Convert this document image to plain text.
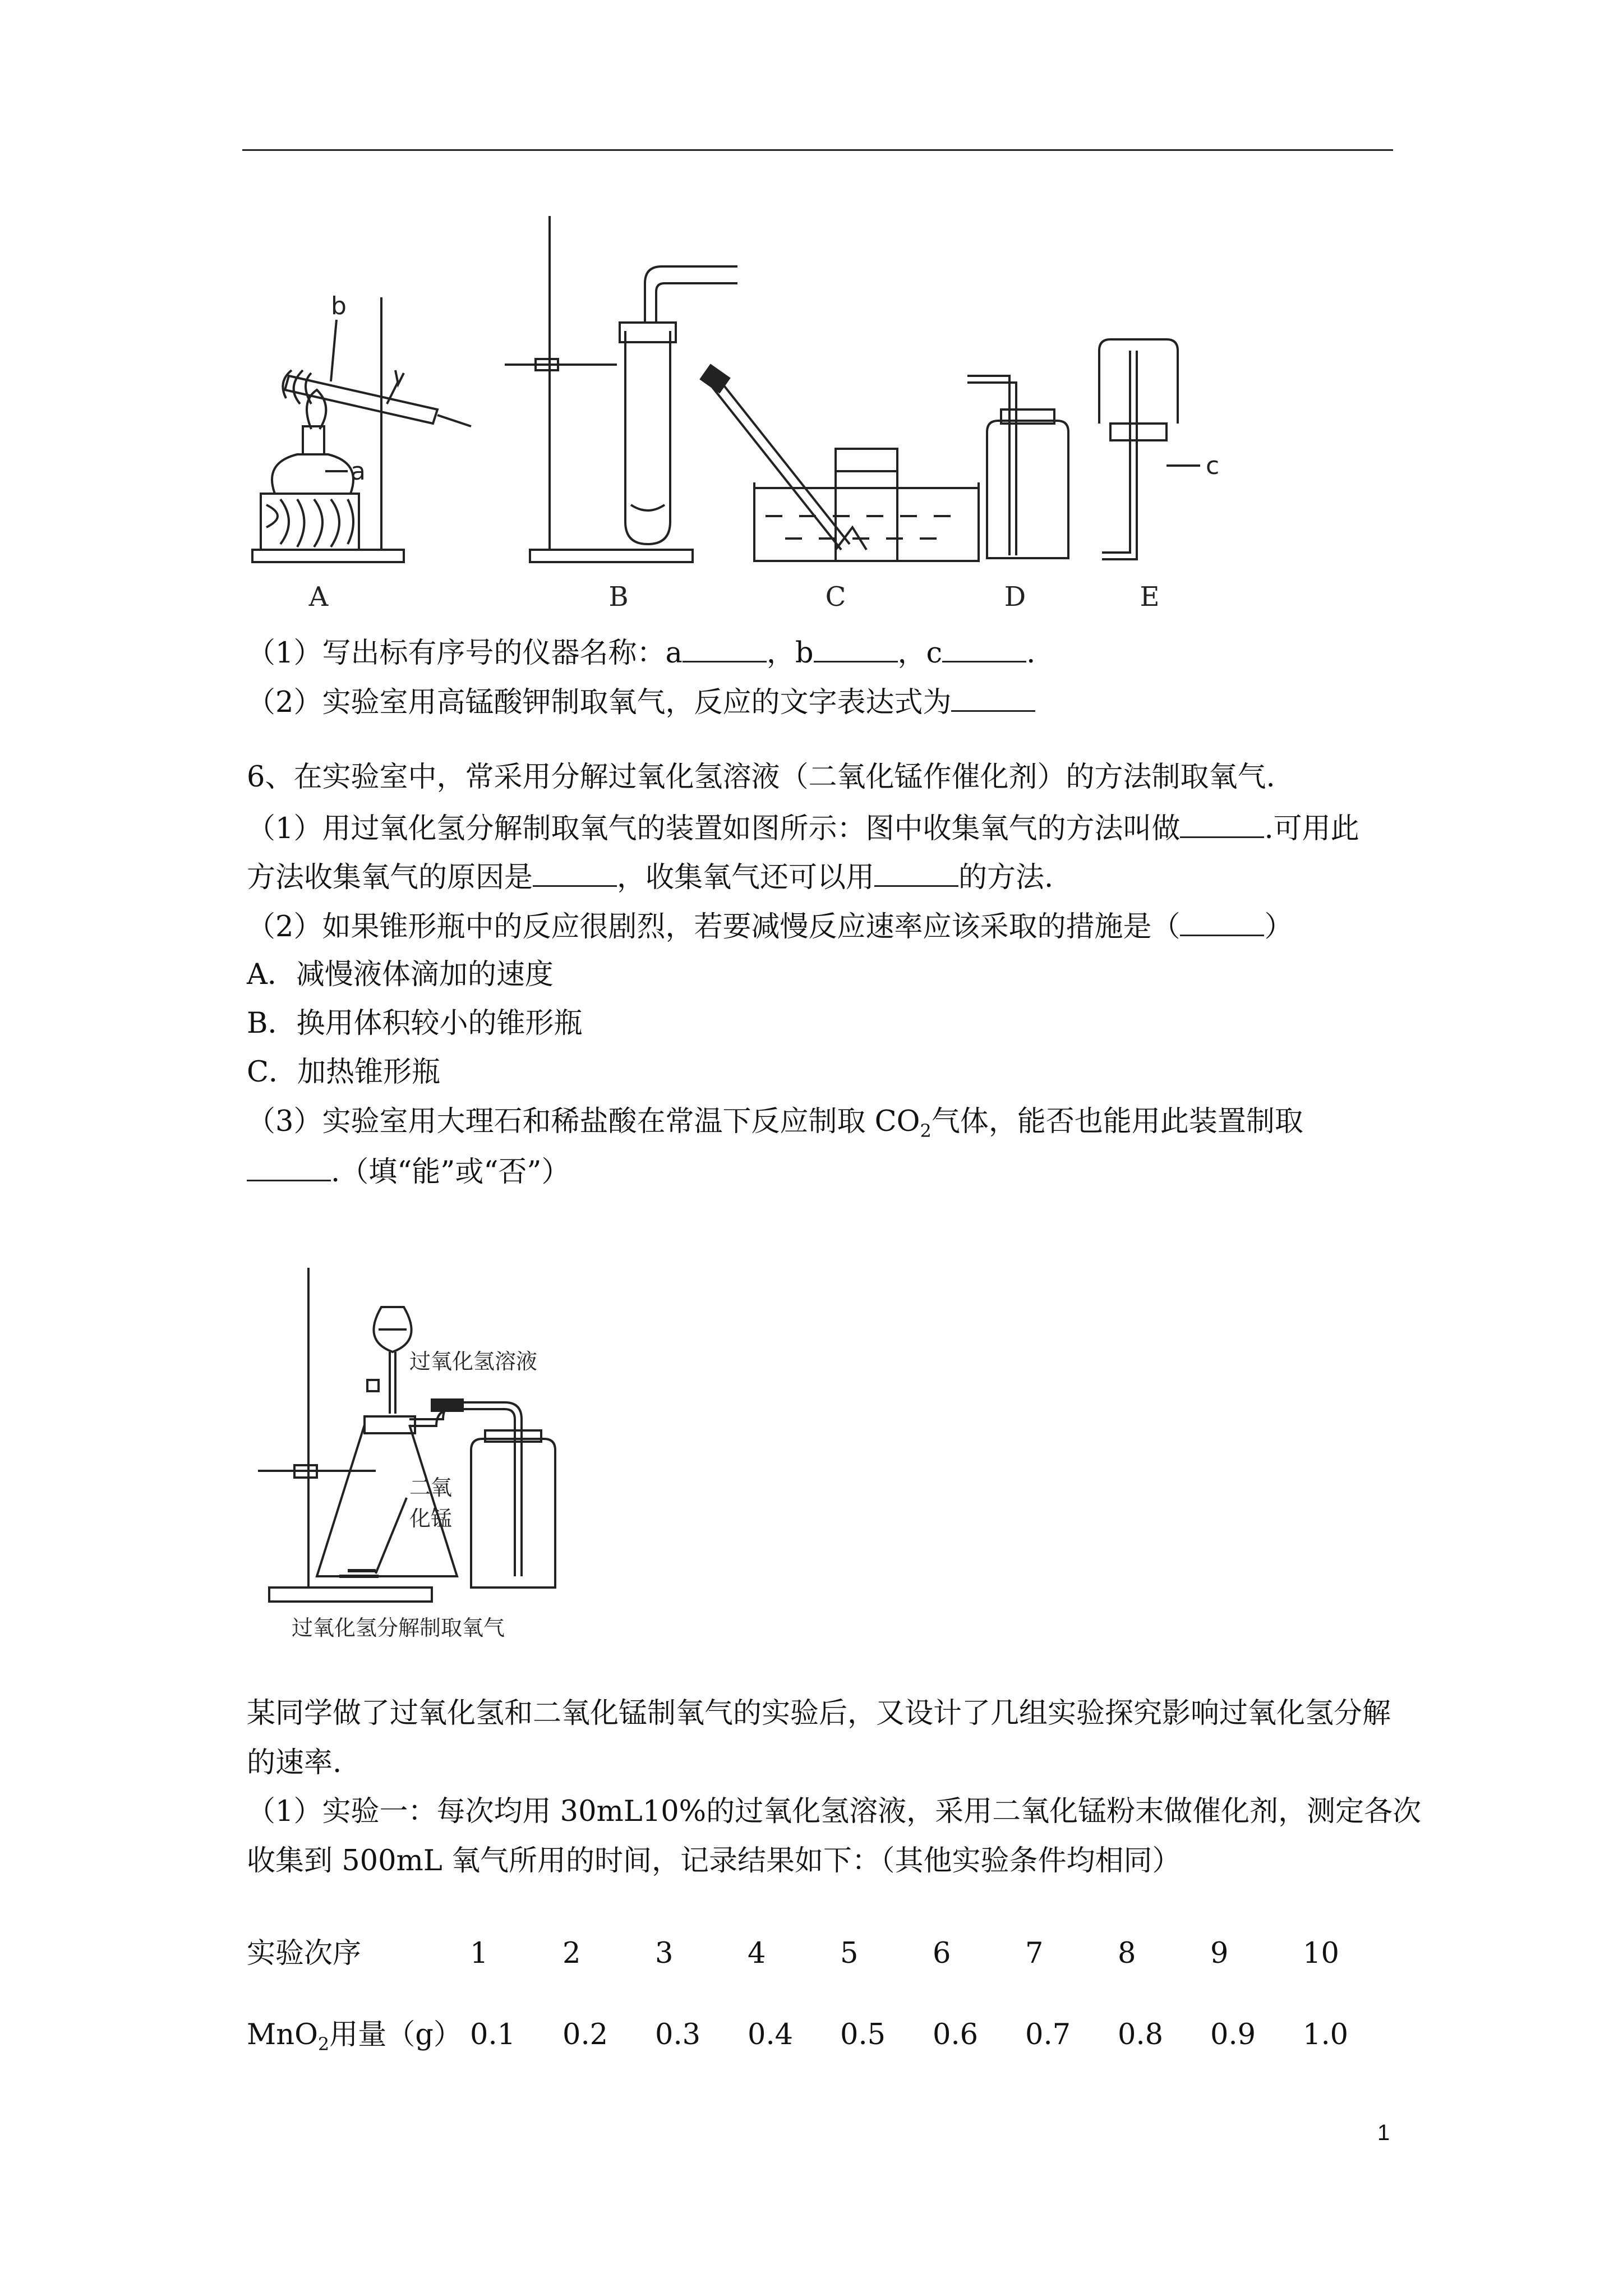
b
a	c
A	B	C	D	E
（1）写出标有序号的仪器名称：a	，b	，c	.
（2）实验室用高锰酸钾制取氧气，反应的文字表达式为
6、在实验室中，常采用分解过氧化氢溶液（二氧化锰作催化剂）的方法制取氧气.
（1）用过氧化氢分解制取氧气的装置如图所示：图中收集氧气的方法叫做	.可用此
方法收集氧气的原因是	，收集氧气还可以用	的方法.
（2）如果锥形瓶中的反应很剧烈，若要减慢反应速率应该采取的措施是（	）
A．减慢液体滴加的速度
B．换用体积较小的锥形瓶
C．加热锥形瓶
（3）实验室用大理石和稀盐酸在常温下反应制取 $CO_2$气体，能否也能用此装置制取
.（填“能”或“否”）
过氧化氢溶液
二氧
化锰
过氧化氢分解制取氧气
某同学做了过氧化氢和二氧化锰制氧气的实验后，又设计了几组实验探究影响过氧化氢分解
的速率.
（1）实验一：每次均用 30mL10%的过氧化氢溶液，采用二氧化锰粉末做催化剂，测定各次
收集到 500mL 氧气所用的时间，记录结果如下：（其他实验条件均相同）
实验次序	1	2	3	4	5	6	7	8	9	10
MnO$_2$用量（g） 0.1 0.2 0.3 0.4 0.5 0.6 0.7 0.8 0.9 1.0
1
